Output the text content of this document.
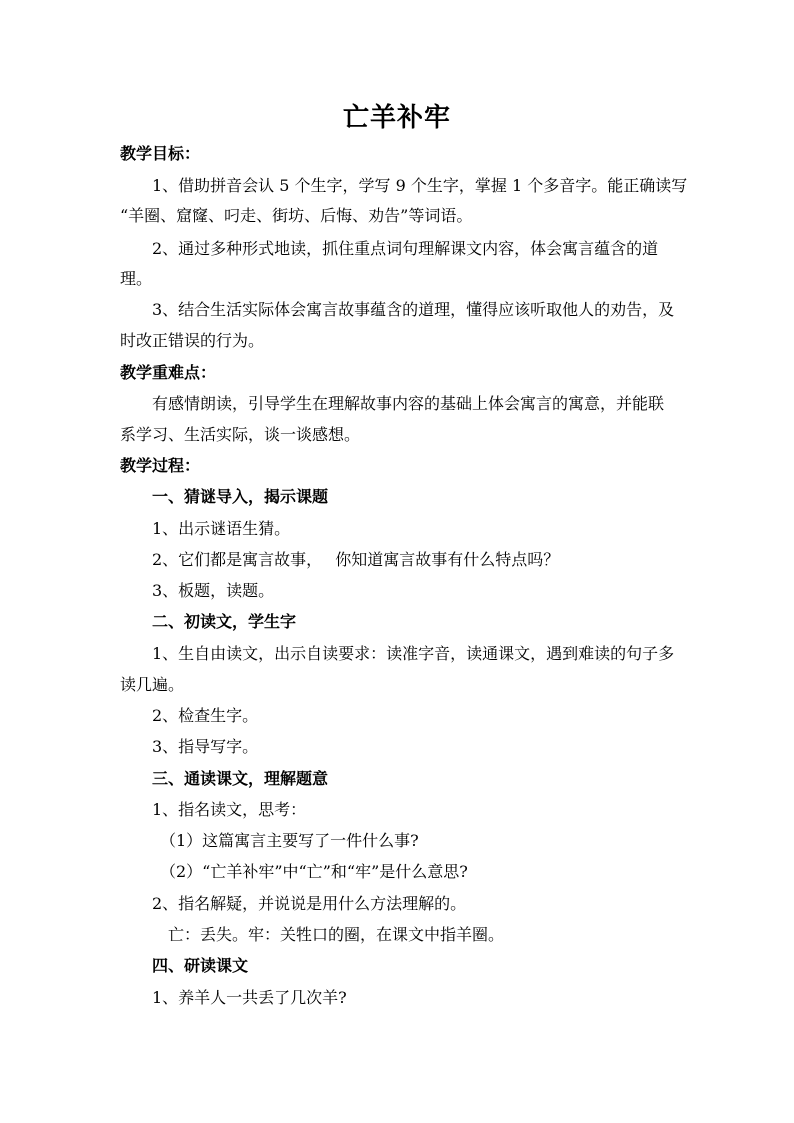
亡羊补牢
教学目标：
1、借助拼音会认 5 个生字，学写 9 个生字，掌握 1 个多音字。能正确读写
“羊圈、窟窿、叼走、街坊、后悔、劝告”等词语。
2、通过多种形式地读，抓住重点词句理解课文内容，体会寓言蕴含的道
理。
3、结合生活实际体会寓言故事蕴含的道理，懂得应该听取他人的劝告，及
时改正错误的行为。
教学重难点：
有感情朗读，引导学生在理解故事内容的基础上体会寓言的寓意，并能联
系学习、生活实际，谈一谈感想。
教学过程：
一、猜谜导入，揭示课题
1、出示谜语生猜。
2、它们都是寓言故事，　 你知道寓言故事有什么特点吗？
3、板题，读题。
二、初读文，学生字
1、生自由读文，出示自读要求：读准字音，读通课文，遇到难读的句子多
读几遍。
2、检查生字。
3、指导写字。
三、通读课文，理解题意
1、指名读文，思考：
（1）这篇寓言主要写了一件什么事?
（2）“亡羊补牢”中“亡”和“牢”是什么意思?
2、指名解疑，并说说是用什么方法理解的。
亡：丢失。牢：关牲口的圈，在课文中指羊圈。
四、研读课文
1、养羊人一共丢了几次羊?
